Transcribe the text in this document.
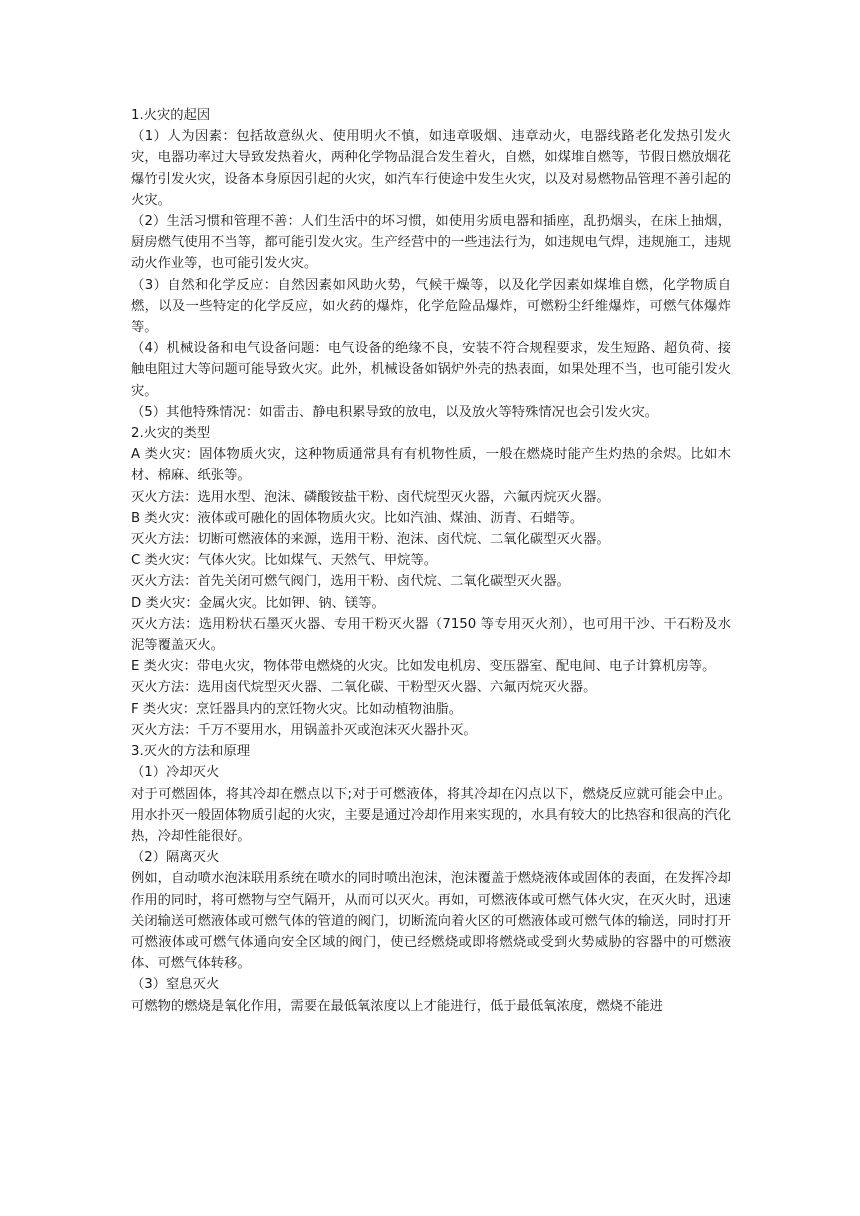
1.火灾的起因

（1）人为因素：包括故意纵火、使用明火不慎，如违章吸烟、违章动火，电器线路老化发热引发火灾，电器功率过大导致发热着火，两种化学物品混合发生着火，自燃，如煤堆自燃等，节假日燃放烟花爆竹引发火灾，设备本身原因引起的火灾，如汽车行使途中发生火灾，以及对易燃物品管理不善引起的火灾。

（2）生活习惯和管理不善：人们生活中的坏习惯，如使用劣质电器和插座，乱扔烟头，在床上抽烟，厨房燃气使用不当等，都可能引发火灾。生产经营中的一些违法行为，如违规电气焊，违规施工，违规动火作业等，也可能引发火灾。

（3）自然和化学反应：自然因素如风助火势，气候干燥等，以及化学因素如煤堆自燃，化学物质自燃，以及一些特定的化学反应，如火药的爆炸，化学危险品爆炸，可燃粉尘纤维爆炸，可燃气体爆炸等。

（4）机械设备和电气设备问题：电气设备的绝缘不良，安装不符合规程要求，发生短路、超负荷、接触电阻过大等问题可能导致火灾。此外，机械设备如锅炉外壳的热表面，如果处理不当，也可能引发火灾。

（5）其他特殊情况：如雷击、静电积累导致的放电，以及放火等特殊情况也会引发火灾。

2.火灾的类型

A 类火灾：固体物质火灾，这种物质通常具有有机物性质，一般在燃烧时能产生灼热的余烬。比如木材、棉麻、纸张等。

灭火方法：选用水型、泡沫、磷酸铵盐干粉、卤代烷型灭火器，六氟丙烷灭火器。

B 类火灾：液体或可融化的固体物质火灾。比如汽油、煤油、沥青、石蜡等。

灭火方法：切断可燃液体的来源，选用干粉、泡沫、卤代烷、二氧化碳型灭火器。

C 类火灾：气体火灾。比如煤气、天然气、甲烷等。

灭火方法：首先关闭可燃气阀门，选用干粉、卤代烷、二氧化碳型灭火器。

D 类火灾：金属火灾。比如钾、钠、镁等。

灭火方法：选用粉状石墨灭火器、专用干粉灭火器（7150 等专用灭火剂），也可用干沙、干石粉及水泥等覆盖灭火。

E 类火灾：带电火灾，物体带电燃烧的火灾。比如发电机房、变压器室、配电间、电子计算机房等。

灭火方法：选用卤代烷型灭火器、二氧化碳、干粉型灭火器、六氟丙烷灭火器。

F 类火灾：烹饪器具内的烹饪物火灾。比如动植物油脂。

灭火方法：千万不要用水，用锅盖扑灭或泡沫灭火器扑灭。

3.灭火的方法和原理

（1）冷却灭火

对于可燃固体，将其冷却在燃点以下;对于可燃液体，将其冷却在闪点以下，燃烧反应就可能会中止。用水扑灭一般固体物质引起的火灾，主要是通过冷却作用来实现的，水具有较大的比热容和很高的汽化热，冷却性能很好。

（2）隔离灭火

例如，自动喷水泡沫联用系统在喷水的同时喷出泡沫，泡沫覆盖于燃烧液体或固体的表面，在发挥冷却作用的同时，将可燃物与空气隔开，从而可以灭火。再如，可燃液体或可燃气体火灾，在灭火时，迅速关闭输送可燃液体或可燃气体的管道的阀门，切断流向着火区的可燃液体或可燃气体的输送，同时打开可燃液体或可燃气体通向安全区域的阀门，使已经燃烧或即将燃烧或受到火势威胁的容器中的可燃液体、可燃气体转移。

（3）窒息灭火

可燃物的燃烧是氧化作用，需要在最低氧浓度以上才能进行，低于最低氧浓度，燃烧不能进
